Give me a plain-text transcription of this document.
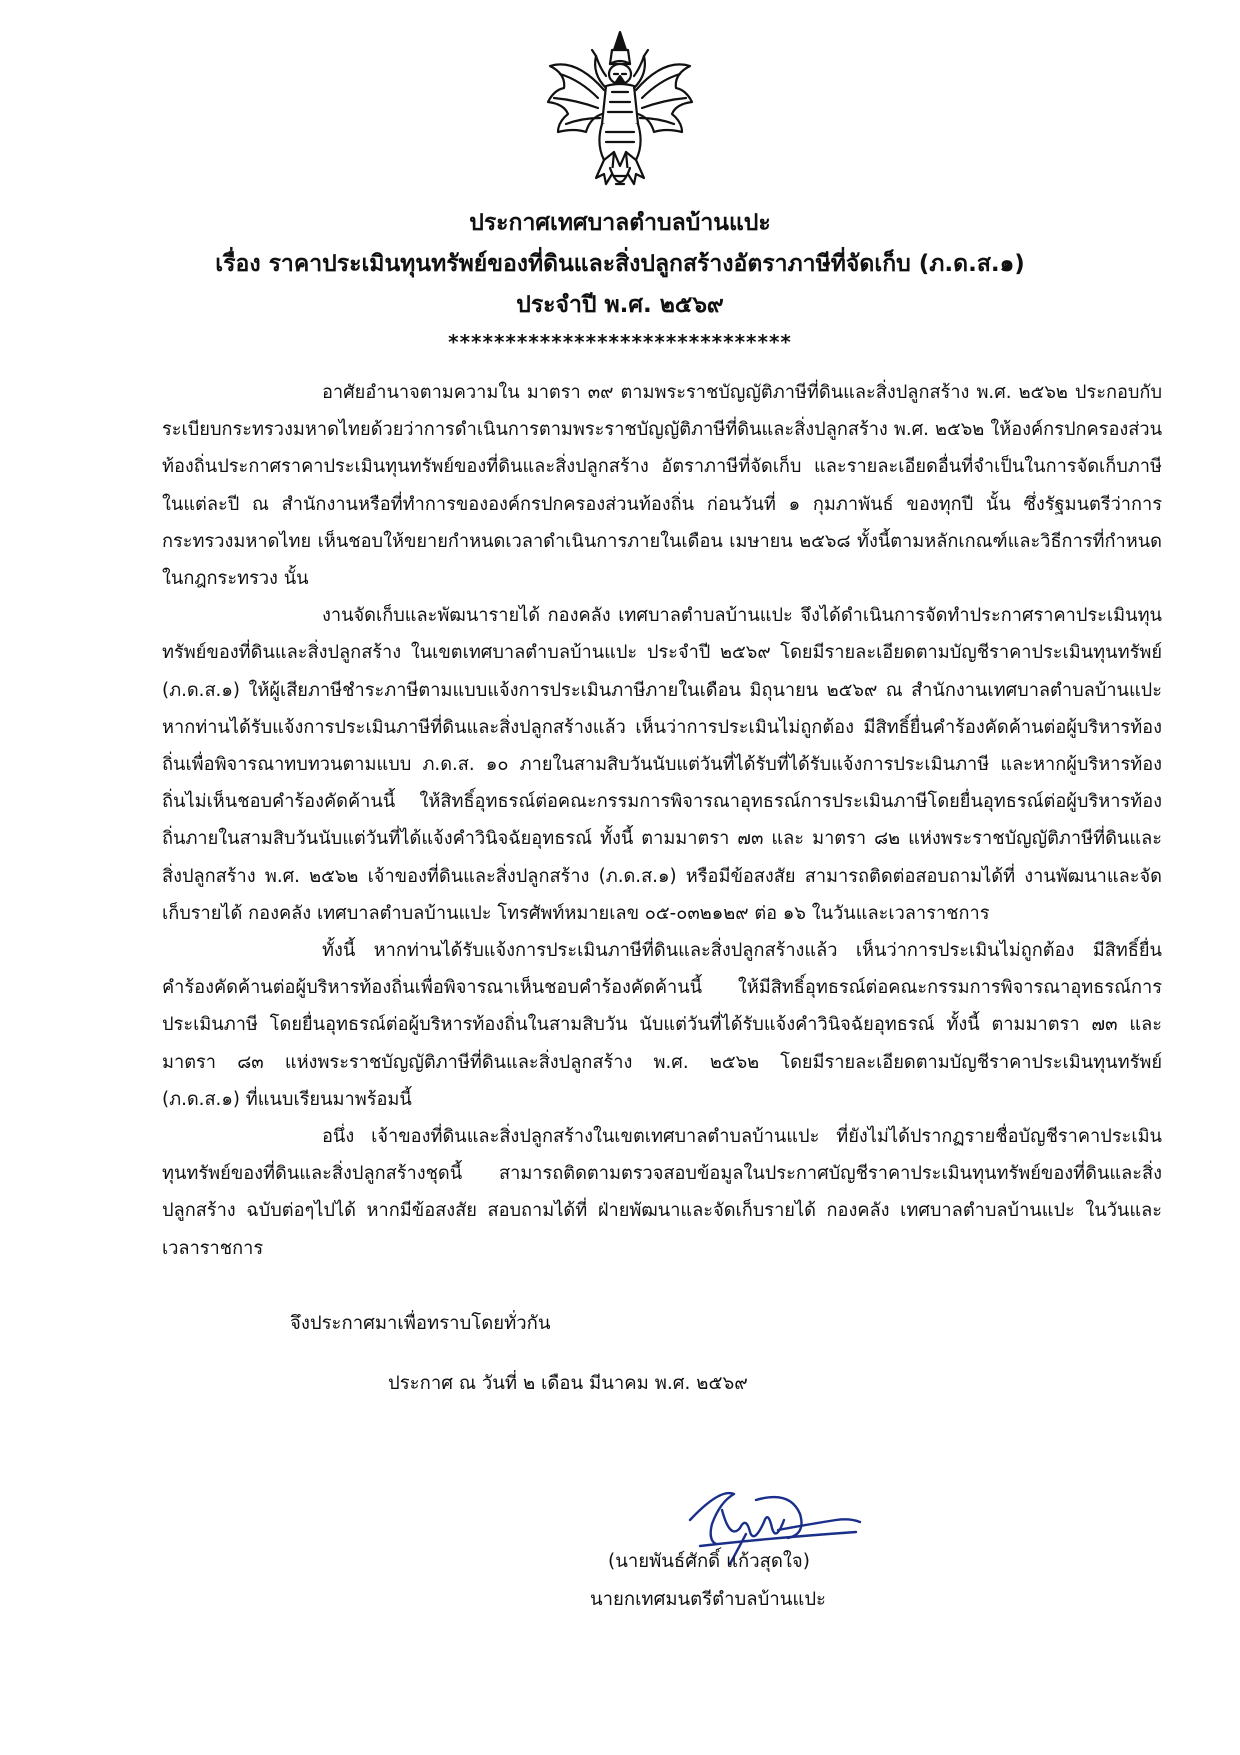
ประกาศเทศบาลตำบลบ้านแปะ
เรื่อง ราคาประเมินทุนทรัพย์ของที่ดินและสิ่งปลูกสร้างอัตราภาษีที่จัดเก็บ (ภ.ด.ส.๑)
ประจำปี พ.ศ. ๒๕๖๙
******************************

อาศัยอำนาจตามความใน มาตรา ๓๙ ตามพระราชบัญญัติภาษีที่ดินและสิ่งปลูกสร้าง พ.ศ. ๒๕๖๒ ประกอบกับระเบียบกระทรวงมหาดไทยด้วยว่าการดำเนินการตามพระราชบัญญัติภาษีที่ดินและสิ่งปลูกสร้าง พ.ศ. ๒๕๖๒ ให้องค์กรปกครองส่วนท้องถิ่นประกาศราคาประเมินทุนทรัพย์ของที่ดินและสิ่งปลูกสร้าง อัตราภาษีที่จัดเก็บ และรายละเอียดอื่นที่จำเป็นในการจัดเก็บภาษีในแต่ละปี ณ สำนักงานหรือที่ทำการขององค์กรปกครองส่วนท้องถิ่น ก่อนวันที่ ๑ กุมภาพันธ์ ของทุกปี นั้น ซึ่งรัฐมนตรีว่าการกระทรวงมหาดไทย เห็นชอบให้ขยายกำหนดเวลาดำเนินการภายในเดือน เมษายน ๒๕๖๘ ทั้งนี้ตามหลักเกณฑ์และวิธีการที่กำหนดในกฎกระทรวง นั้น

งานจัดเก็บและพัฒนารายได้ กองคลัง เทศบาลตำบลบ้านแปะ จึงได้ดำเนินการจัดทำประกาศราคาประเมินทุนทรัพย์ของที่ดินและสิ่งปลูกสร้าง ในเขตเทศบาลตำบลบ้านแปะ ประจำปี ๒๕๖๙ โดยมีรายละเอียดตามบัญชีราคาประเมินทุนทรัพย์ (ภ.ด.ส.๑) ให้ผู้เสียภาษีชำระภาษีตามแบบแจ้งการประเมินภาษีภายในเดือน มิถุนายน ๒๕๖๙ ณ สำนักงานเทศบาลตำบลบ้านแปะ หากท่านได้รับแจ้งการประเมินภาษีที่ดินและสิ่งปลูกสร้างแล้ว เห็นว่าการประเมินไม่ถูกต้อง มีสิทธิ์ยื่นคำร้องคัดค้านต่อผู้บริหารท้องถิ่นเพื่อพิจารณาทบทวนตามแบบ ภ.ด.ส. ๑๐ ภายในสามสิบวันนับแต่วันที่ได้รับที่ได้รับแจ้งการประเมินภาษี และหากผู้บริหารท้องถิ่นไม่เห็นชอบคำร้องคัดค้านนี้ ให้สิทธิ์อุทธรณ์ต่อคณะกรรมการพิจารณาอุทธรณ์การประเมินภาษีโดยยื่นอุทธรณ์ต่อผู้บริหารท้องถิ่นภายในสามสิบวันนับแต่วันที่ได้แจ้งคำวินิจฉัยอุทธรณ์ ทั้งนี้ ตามมาตรา ๗๓ และ มาตรา ๘๒ แห่งพระราชบัญญัติภาษีที่ดินและสิ่งปลูกสร้าง พ.ศ. ๒๕๖๒ เจ้าของที่ดินและสิ่งปลูกสร้าง (ภ.ด.ส.๑) หรือมีข้อสงสัย สามารถติดต่อสอบถามได้ที่ งานพัฒนาและจัดเก็บรายได้ กองคลัง เทศบาลตำบลบ้านแปะ โทรศัพท์หมายเลข ๐๕-๐๓๒๑๒๙ ต่อ ๑๖ ในวันและเวลาราชการ

ทั้งนี้ หากท่านได้รับแจ้งการประเมินภาษีที่ดินและสิ่งปลูกสร้างแล้ว เห็นว่าการประเมินไม่ถูกต้อง มีสิทธิ์ยื่นคำร้องคัดค้านต่อผู้บริหารท้องถิ่นเพื่อพิจารณาเห็นชอบคำร้องคัดค้านนี้ ให้มีสิทธิ์อุทธรณ์ต่อคณะกรรมการพิจารณาอุทธรณ์การประเมินภาษี โดยยื่นอุทธรณ์ต่อผู้บริหารท้องถิ่นในสามสิบวัน นับแต่วันที่ได้รับแจ้งคำวินิจฉัยอุทธรณ์ ทั้งนี้ ตามมาตรา ๗๓ และ มาตรา ๘๓ แห่งพระราชบัญญัติภาษีที่ดินและสิ่งปลูกสร้าง พ.ศ. ๒๕๖๒ โดยมีรายละเอียดตามบัญชีราคาประเมินทุนทรัพย์ (ภ.ด.ส.๑) ที่แนบเรียนมาพร้อมนี้

อนึ่ง เจ้าของที่ดินและสิ่งปลูกสร้างในเขตเทศบาลตำบลบ้านแปะ ที่ยังไม่ได้ปรากฏรายชื่อบัญชีราคาประเมินทุนทรัพย์ของที่ดินและสิ่งปลูกสร้างชุดนี้ สามารถติดตามตรวจสอบข้อมูลในประกาศบัญชีราคาประเมินทุนทรัพย์ของที่ดินและสิ่งปลูกสร้าง ฉบับต่อๆไปได้ หากมีข้อสงสัย สอบถามได้ที่ ฝ่ายพัฒนาและจัดเก็บรายได้ กองคลัง เทศบาลตำบลบ้านแปะ ในวันและเวลาราชการ

จึงประกาศมาเพื่อทราบโดยทั่วกัน
ประกาศ ณ วันที่ ๒ เดือน มีนาคม พ.ศ. ๒๕๖๙
(นายพันธ์ศักดิ์ แก้วสุดใจ)
นายกเทศมนตรีตำบลบ้านแปะ
